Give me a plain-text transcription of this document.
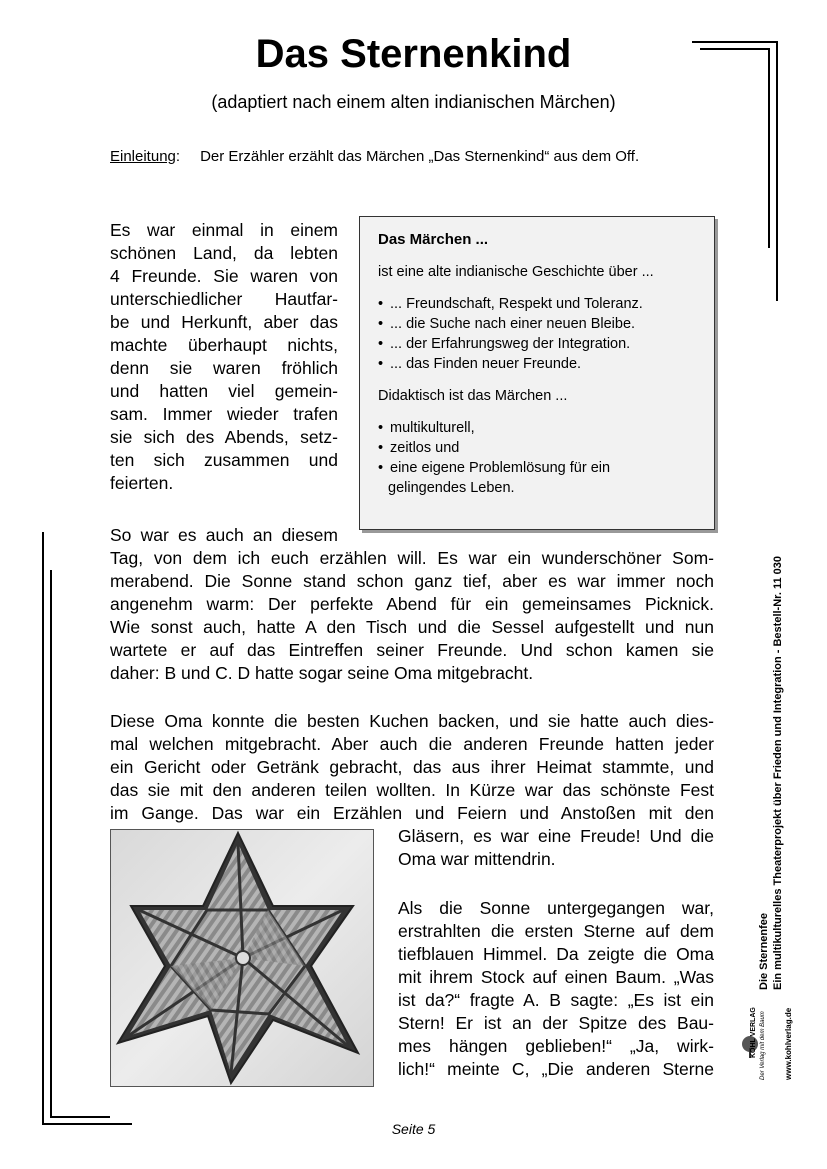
Das Sternenkind
(adaptiert nach einem alten indianischen Märchen)
Einleitung: Der Erzähler erzählt das Märchen „Das Sternenkind“ aus dem Off.
Es war einmal in einem
schönen Land, da lebten
4 Freunde. Sie waren von
unterschiedlicher Hautfar-
be und Herkunft, aber das
machte überhaupt nichts,
denn sie waren fröhlich
und hatten viel gemein-
sam. Immer wieder trafen
sie sich des Abends, setz-
ten sich zusammen und
feierten.
Das Märchen ...
ist eine alte indianische Geschichte über ...
• ... Freundschaft, Respekt und Toleranz.
• ... die Suche nach einer neuen Bleibe.
• ... der Erfahrungsweg der Integration.
• ... das Finden neuer Freunde.
Didaktisch ist das Märchen ...
• multikulturell,
• zeitlos und
• eine eigene Problemlösung für ein
gelingendes Leben.
So war es auch an diesem
Tag, von dem ich euch erzählen will. Es war ein wunderschöner Som-
merabend. Die Sonne stand schon ganz tief, aber es war immer noch
angenehm warm: Der perfekte Abend für ein gemeinsames Picknick.
Wie sonst auch, hatte A den Tisch und die Sessel aufgestellt und nun
wartete er auf das Eintreffen seiner Freunde. Und schon kamen sie
daher: B und C. D hatte sogar seine Oma mitgebracht.
Diese Oma konnte die besten Kuchen backen, und sie hatte auch dies-
mal welchen mitgebracht. Aber auch die anderen Freunde hatten jeder
ein Gericht oder Getränk gebracht, das aus ihrer Heimat stammte, und
das sie mit den anderen teilen wollten. In Kürze war das schönste Fest
im Gange. Das war ein Erzählen und Feiern und Anstoßen mit den
Gläsern, es war eine Freude! Und die
Oma war mittendrin.
Als die Sonne untergegangen war,
erstrahlten die ersten Sterne auf dem
tiefblauen Himmel. Da zeigte die Oma
mit ihrem Stock auf einen Baum. „Was
ist da?“ fragte A. B sagte: „Es ist ein
Stern! Er ist an der Spitze des Bau-
mes hängen geblieben!“ „Ja, wirk-
lich!“ meinte C, „Die anderen Sterne
Die Sternenfee Ein multikulturelles Theaterprojekt über Frieden und Integration - Bestell-Nr. 11 030
www.kohlverlag.de
KOHL VERLAG Der Verlag mit dem Baum
Seite 5
